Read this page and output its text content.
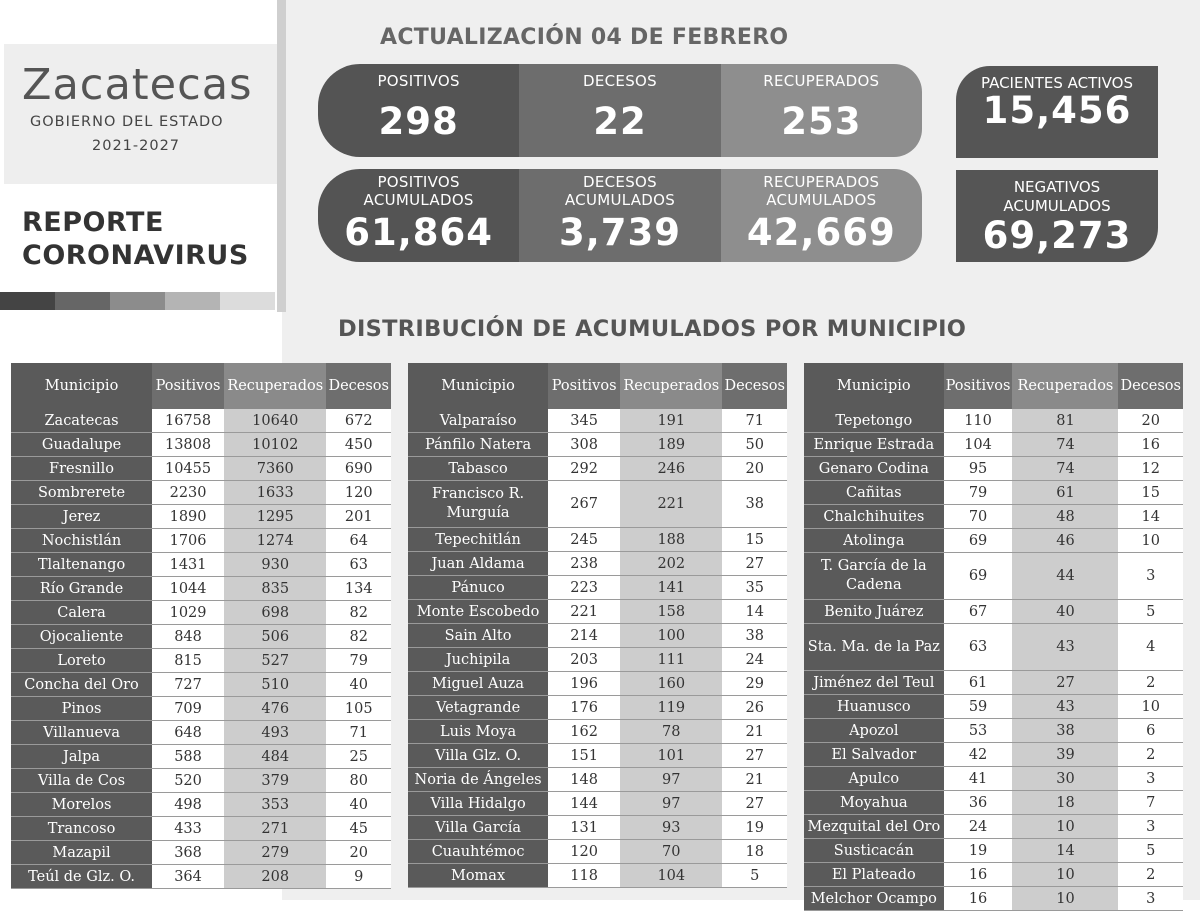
Zacatecas
GOBIERNO DEL ESTADO
2021-2027
REPORTE
CORONAVIRUS
ACTUALIZACIÓN 04 DE FEBRERO
POSITIVOS
298
DECESOS
22
RECUPERADOS
253
POSITIVOS
ACUMULADOS
61,864
DECESOS
ACUMULADOS
3,739
RECUPERADOS
ACUMULADOS
42,669
PACIENTES ACTIVOS
15,456
NEGATIVOS
ACUMULADOS
69,273
DISTRIBUCIÓN DE ACUMULADOS POR MUNICIPIO
Municipio	Positivos	Recuperados	Decesos
Zacatecas	16758	10640	672
Guadalupe	13808	10102	450
Fresnillo	10455	7360	690
Sombrerete	2230	1633	120
Jerez	1890	1295	201
Nochistlán	1706	1274	64
Tlaltenango	1431	930	63
Río Grande	1044	835	134
Calera	1029	698	82
Ojocaliente	848	506	82
Loreto	815	527	79
Concha del Oro	727	510	40
Pinos	709	476	105
Villanueva	648	493	71
Jalpa	588	484	25
Villa de Cos	520	379	80
Morelos	498	353	40
Trancoso	433	271	45
Mazapil	368	279	20
Teúl de Glz. O.	364	208	9
Municipio	Positivos	Recuperados	Decesos
Valparaíso	345	191	71
Pánfilo Natera	308	189	50
Tabasco	292	246	20
Francisco R. Murguía	267	221	38
Tepechitlán	245	188	15
Juan Aldama	238	202	27
Pánuco	223	141	35
Monte Escobedo	221	158	14
Sain Alto	214	100	38
Juchipila	203	111	24
Miguel Auza	196	160	29
Vetagrande	176	119	26
Luis Moya	162	78	21
Villa Glz. O.	151	101	27
Noria de Ángeles	148	97	21
Villa Hidalgo	144	97	27
Villa García	131	93	19
Cuauhtémoc	120	70	18
Momax	118	104	5
Municipio	Positivos	Recuperados	Decesos
Tepetongo	110	81	20
Enrique Estrada	104	74	16
Genaro Codina	95	74	12
Cañitas	79	61	15
Chalchihuites	70	48	14
Atolinga	69	46	10
T. García de la Cadena	69	44	3
Benito Juárez	67	40	5
Sta. Ma. de la Paz	63	43	4
Jiménez del Teul	61	27	2
Huanusco	59	43	10
Apozol	53	38	6
El Salvador	42	39	2
Apulco	41	30	3
Moyahua	36	18	7
Mezquital del Oro	24	10	3
Susticacán	19	14	5
El Plateado	16	10	2
Melchor Ocampo	16	10	3
